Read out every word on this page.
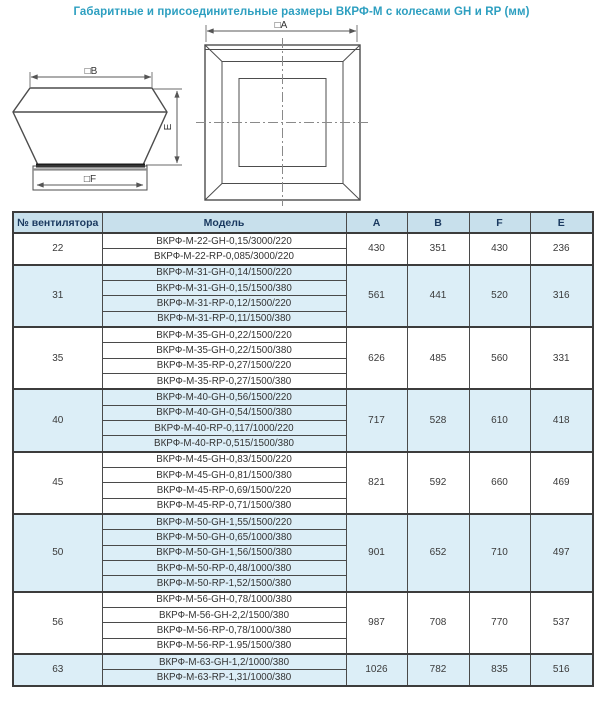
Габаритные и присоединительные размеры ВКРФ-М с колесами GH и RP (мм)
□B
□F
E
□A
№ вентилятора	Модель	A	B	F	E
22	ВКРФ-М-22-GH-0,15/3000/220	430	351	430	236
	ВКРФ-М-22-RP-0,085/3000/220				
31	ВКРФ-М-31-GH-0,14/1500/220	561	441	520	316
	ВКРФ-М-31-GH-0,15/1500/380				
	ВКРФ-М-31-RP-0,12/1500/220				
	ВКРФ-М-31-RP-0,11/1500/380				
35	ВКРФ-М-35-GH-0,22/1500/220	626	485	560	331
	ВКРФ-М-35-GH-0,22/1500/380				
	ВКРФ-М-35-RP-0,27/1500/220				
	ВКРФ-М-35-RP-0,27/1500/380				
40	ВКРФ-М-40-GH-0,56/1500/220	717	528	610	418
	ВКРФ-М-40-GH-0,54/1500/380				
	ВКРФ-М-40-RP-0,117/1000/220				
	ВКРФ-М-40-RP-0,515/1500/380				
45	ВКРФ-М-45-GH-0,83/1500/220	821	592	660	469
	ВКРФ-М-45-GH-0,81/1500/380				
	ВКРФ-М-45-RP-0,69/1500/220				
	ВКРФ-М-45-RP-0,71/1500/380				
50	ВКРФ-М-50-GH-1,55/1500/220	901	652	710	497
	ВКРФ-М-50-GH-0,65/1000/380				
	ВКРФ-М-50-GH-1,56/1500/380				
	ВКРФ-М-50-RP-0,48/1000/380				
	ВКРФ-М-50-RP-1,52/1500/380				
56	ВКРФ-М-56-GH-0,78/1000/380	987	708	770	537
	ВКРФ-М-56-GH-2,2/1500/380				
	ВКРФ-М-56-RP-0,78/1000/380				
	ВКРФ-М-56-RP-1.95/1500/380				
63	ВКРФ-М-63-GH-1,2/1000/380	1026	782	835	516
	ВКРФ-М-63-RP-1,31/1000/380				
